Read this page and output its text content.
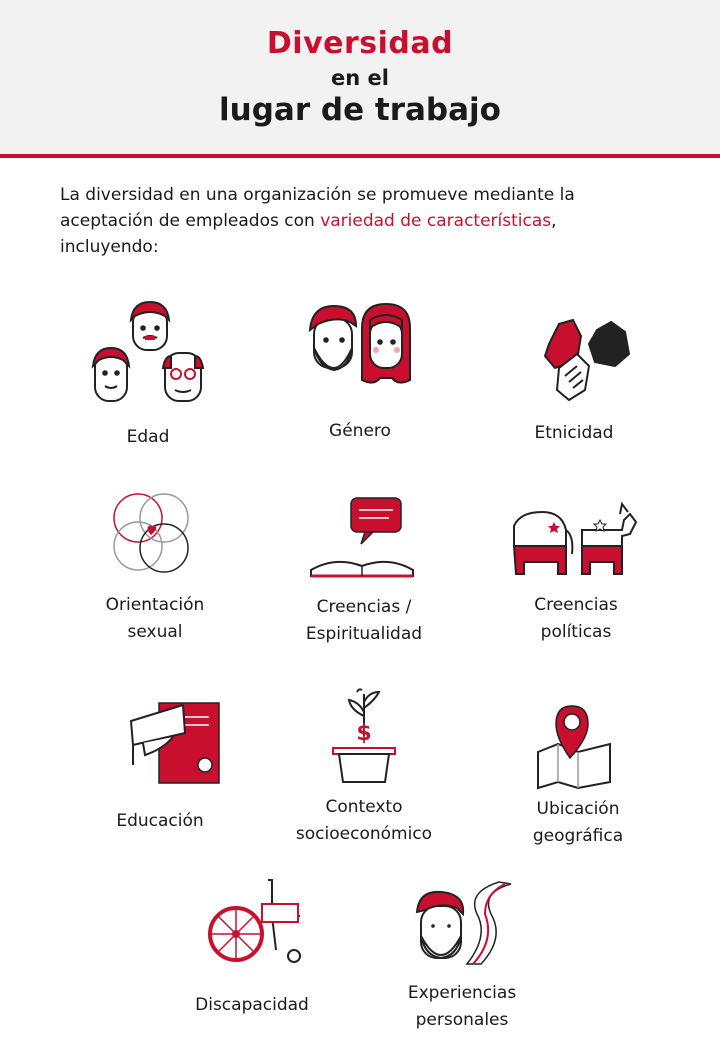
Diversidad
en el
lugar de trabajo
La diversidad en una organización se promueve mediante la aceptación de empleados con variedad de características, incluyendo:
Edad	Género	Etnicidad
Orientación
sexual
Creencias /
Espiritualidad
Creencias
políticas
Educación
$
Contexto
socioeconómico
Ubicación
geográfica
Discapacidad
Experiencias
personales
